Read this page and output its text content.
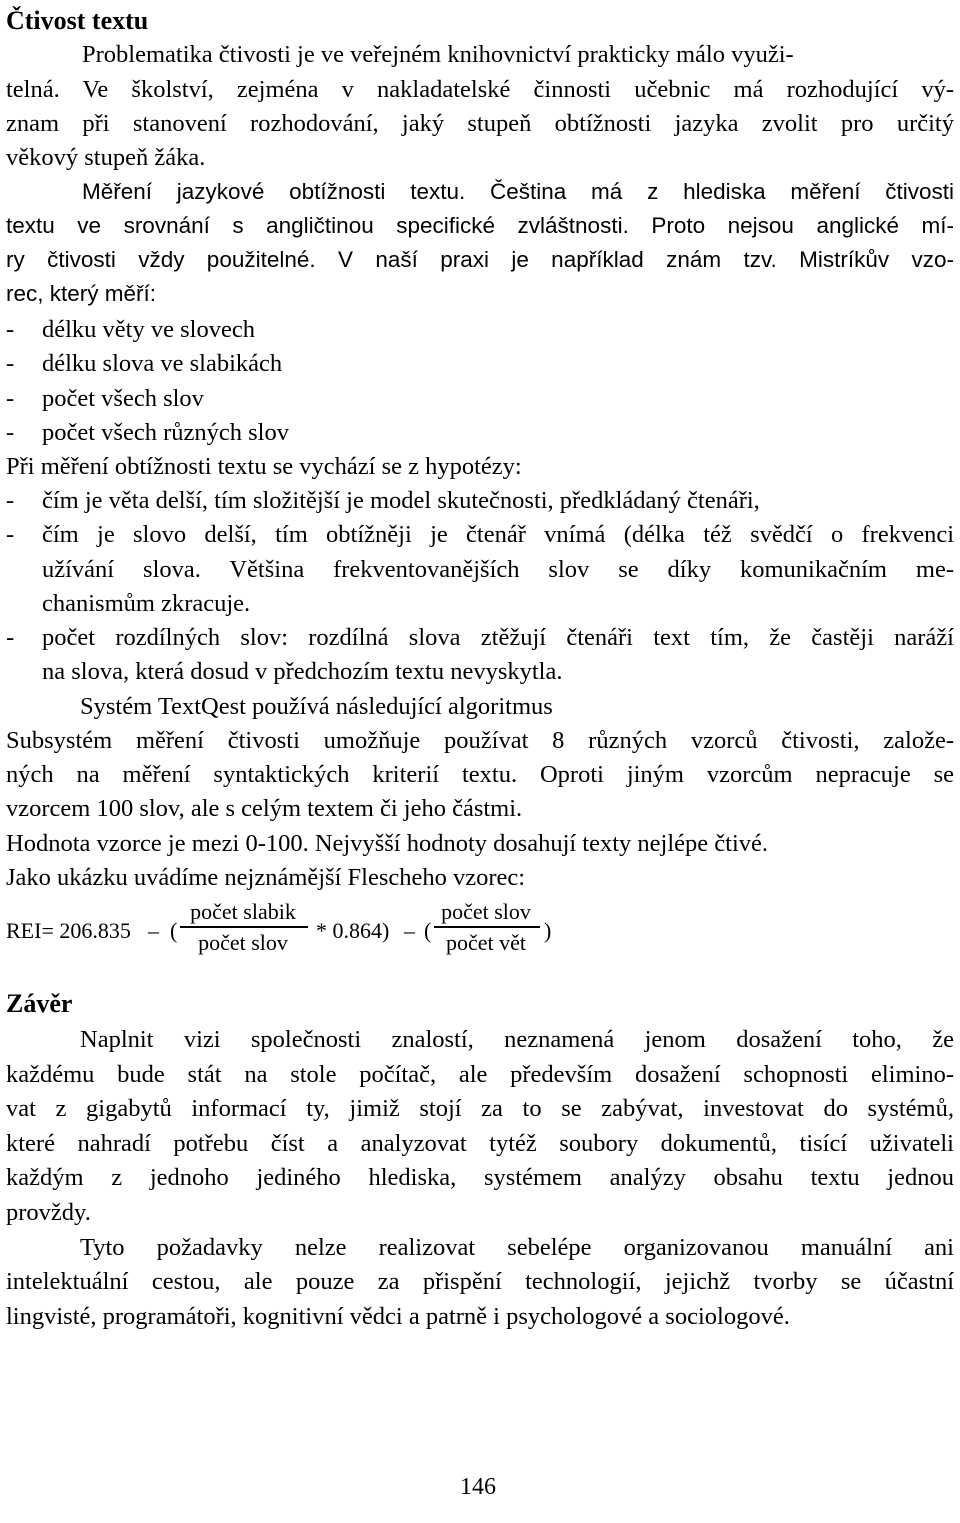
Čtivost textu
Problematika čtivosti je ve veřejném knihovnictví prakticky málo využi-
telná. Ve školství, zejména v nakladatelské činnosti učebnic má rozhodující vý-
znam při stanovení rozhodování, jaký stupeň obtížnosti jazyka zvolit pro určitý
věkový stupeň žáka.
Měření jazykové obtížnosti textu. Čeština má z hlediska měření čtivosti
textu ve srovnání s angličtinou specifické zvláštnosti. Proto nejsou anglické mí-
ry čtivosti vždy použitelné. V naší praxi je například znám tzv. Mistríkův vzo-
rec, který měří:
- délku věty ve slovech
- délku slova ve slabikách
- počet všech slov
- počet všech různých slov
Při měření obtížnosti textu se vychází se z hypotézy:
- čím je věta delší, tím složitější je model skutečnosti, předkládaný čtenáři,
- čím je slovo delší, tím obtížněji je čtenář vnímá (délka též svědčí o frekvenci
užívání slova. Většina frekventovanějších slov se díky komunikačním me-
chanismům zkracuje.
- počet rozdílných slov: rozdílná slova ztěžují čtenáři text tím, že častěji naráží
na slova, která dosud v předchozím textu nevyskytla.
Systém TextQest používá následující algoritmus
Subsystém měření čtivosti umožňuje používat 8 různých vzorců čtivosti, založe-
ných na měření syntaktických kriterií textu. Oproti jiným vzorcům nepracuje se
vzorcem 100 slov, ale s celým textem či jeho částmi.
Hodnota vzorce je mezi 0-100. Nejvyšší hodnoty dosahují texty nejlépe čtivé.
Jako ukázku uvádíme nejznámější Flescheho vzorec:
REI= 206.835 – (
počet slabik
počet slov	* 0.864) – (
počet slov
počet vět )
Závěr
Naplnit vizi společnosti znalostí, neznamená jenom dosažení toho, že
každému bude stát na stole počítač, ale především dosažení schopnosti elimino-
vat z gigabytů informací ty, jimiž stojí za to se zabývat, investovat do systémů,
které nahradí potřebu číst a analyzovat tytéž soubory dokumentů, tisící uživateli
každým z jednoho jediného hlediska, systémem analýzy obsahu textu jednou
provždy.
Tyto požadavky nelze realizovat sebelépe organizovanou manuální ani
intelektuální cestou, ale pouze za přispění technologií, jejichž tvorby se účastní
lingvisté, programátoři, kognitivní vědci a patrně i psychologové a sociologové.
146
